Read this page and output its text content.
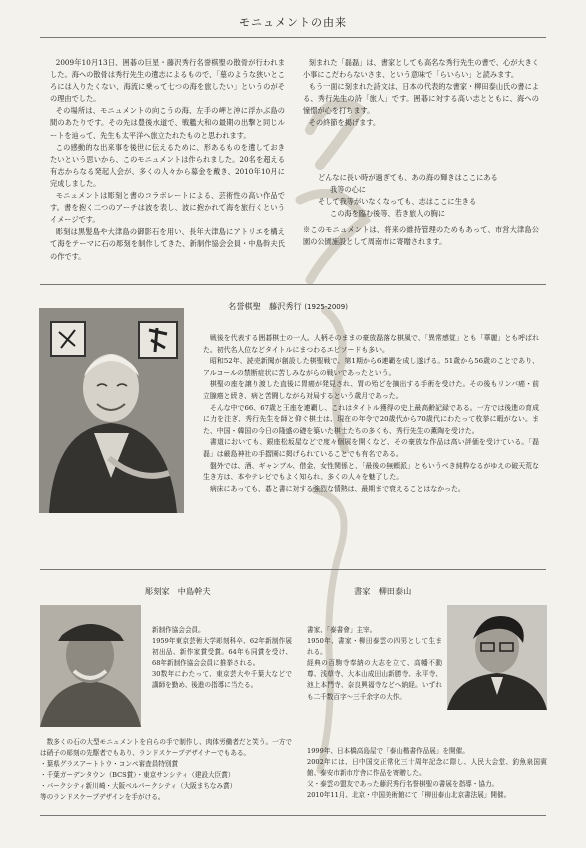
モニュメントの由来

2009年10月13日、囲碁の巨星・藤沢秀行名誉棋聖の散骨が行われました。海への散骨は秀行先生の遺志によるもので、「墓のような狭いところには入りたくない、海流に乗って七つの海を旅したい」というのがその理由でした。

その場所は、モニュメントの向こうの海、左手の岬と沖に浮かぶ島の間のあたりです。その先は豊後水道で、戦艦大和の最期の出撃と同じルートを辿って、先生も太平洋へ旅立たれたものと思われます。

この感動的な出来事を後世に伝えるために、形あるものを遺しておきたいという思いから、このモニュメントは作られました。20名を超える有志からなる発起人会が、多くの人々から募金を戴き、2010年10月に完成しました。

モニュメントは彫刻と書のコラボレートによる、芸術性の高い作品です。書を抱く二つのアーチは波を表し、波に抱かれて海を旅行くというイメージです。

彫刻は黒髪島や大津島の御影石を用い、長年大津島にアトリエを構えて海をテーマに石の彫刻を制作してきた、新制作協会会員・中島幹夫氏の作です。

刻まれた「磊磊」は、書家としても高名な秀行先生の書で、心が大きく小事にこだわらないさま、という意味で「らいらい」と読みます。

もう一面に刻まれた詩文は、日本の代表的な書家・柳田泰山氏の書による、秀行先生の詩「旅人」です。囲碁に対する高い志とともに、海への憧憬が心を打ちます。

その終節を掲げます。

どんなに長い時が過ぎても、あの海の輝きはここにある
我等の心に
そして我等がいなくなっても、志はここに生きる
この海を臨む後等、若き旅人の胸に

※このモニュメントは、将来の維持管理のためもあって、市営大津島公園の公園施設として周南市に寄贈されます。

名誉棋聖　藤沢秀行 (1925-2009)

戦後を代表する囲碁棋士の一人。人柄そのままの豪放磊落な棋風で、「異常感覚」とも「華麗」とも呼ばれた。初代名人位などタイトルにまつわるエピソードも多い。

昭和52年、読売新聞が創設した棋聖戦で、第1期から6連覇を成し遂げる。51歳から56歳のことであり、アルコールの禁断症状に苦しみながらの戦いであったという。

棋聖の座を譲り渡した直後に胃癌が発見され、胃の殆どを摘出する手術を受けた。その後もリンパ癌・前立腺癌と続き、病と苦闘しながら対局するという歳月であった。

そんな中で66、67歳と王座を連覇し、これはタイトル獲得の史上最高齢記録である。一方では後進の育成に力を注ぎ、秀行先生を師と仰ぐ棋士は、現在の年令で20歳代から70歳代にわたって枚挙に暇がない。また、中国・韓国の今日の隆盛の礎を築いた棋士たちの多くも、秀行先生の薫陶を受けた。

書道においても、銀座松坂屋などで度々個展を開くなど、その豪放な作品は高い評価を受けている。「磊磊」は厳島神社の手摺園に掲げられていることでも有名である。

盤外では、酒、ギャンブル、借金、女性関係と、「最後の無頼派」ともいうべき純粋なるがゆえの破天荒な生き方は、本やテレビでもよく知られ、多くの人々を魅了した。

病床にあっても、碁と書に対する強烈な情熱は、最期まで衰えることはなかった。

彫刻家　中島幹夫

新制作協会会員。

1959年東京芸術大学彫刻科卒、62年新制作展初出品、新作家賞受賞。64年も同賞を受け、68年新制作協会会員に推挙される。

30数年にわたって、東京芸大や千葉大などで講師を勤め、後進の指導に当たる。

数多くの石の大型モニュメントを自らの手で制作し、肉体労働者だと笑う。一方では硝子の彫刻の先駆者でもあり、ランドスケープデザイナーでもある。

・葉県グラスアートトウ・コンペ審査員特別賞
・千葉ガーデンタウン（BCS賞）・東京サンシティ（建設大臣賞）
・パークシティ新川崎・大阪ベルパークシティ（大阪まちなみ賞）
等のランドスケープデザインを手がける。
書家　柳田泰山

書家、「泰書會」主宰。

1950年、書家・柳田泰雲の四男として生まれる。

経典の百駒寺奉納の大志を立て、高幡不動尊、浅草寺、大本山成田山新勝寺、永平寺、池上本門寺、奈良興福寺などへ納経。いずれも二千数百字～三千余字の大作。

1999年、日本橋高島屋で「泰山楷書作品展」を開催。

2002年には、日中国交正常化三十周年記念に際し、人民大会堂、釣魚泉国賓館、泰安市新市庁舎に作品を寄贈した。

父・泰雲の盟友であった藤沢秀行名誉棋聖の書展を指導・協力。

2010年11月、北京・中国美術館にて「柳田泰山北京書法展」開催。
